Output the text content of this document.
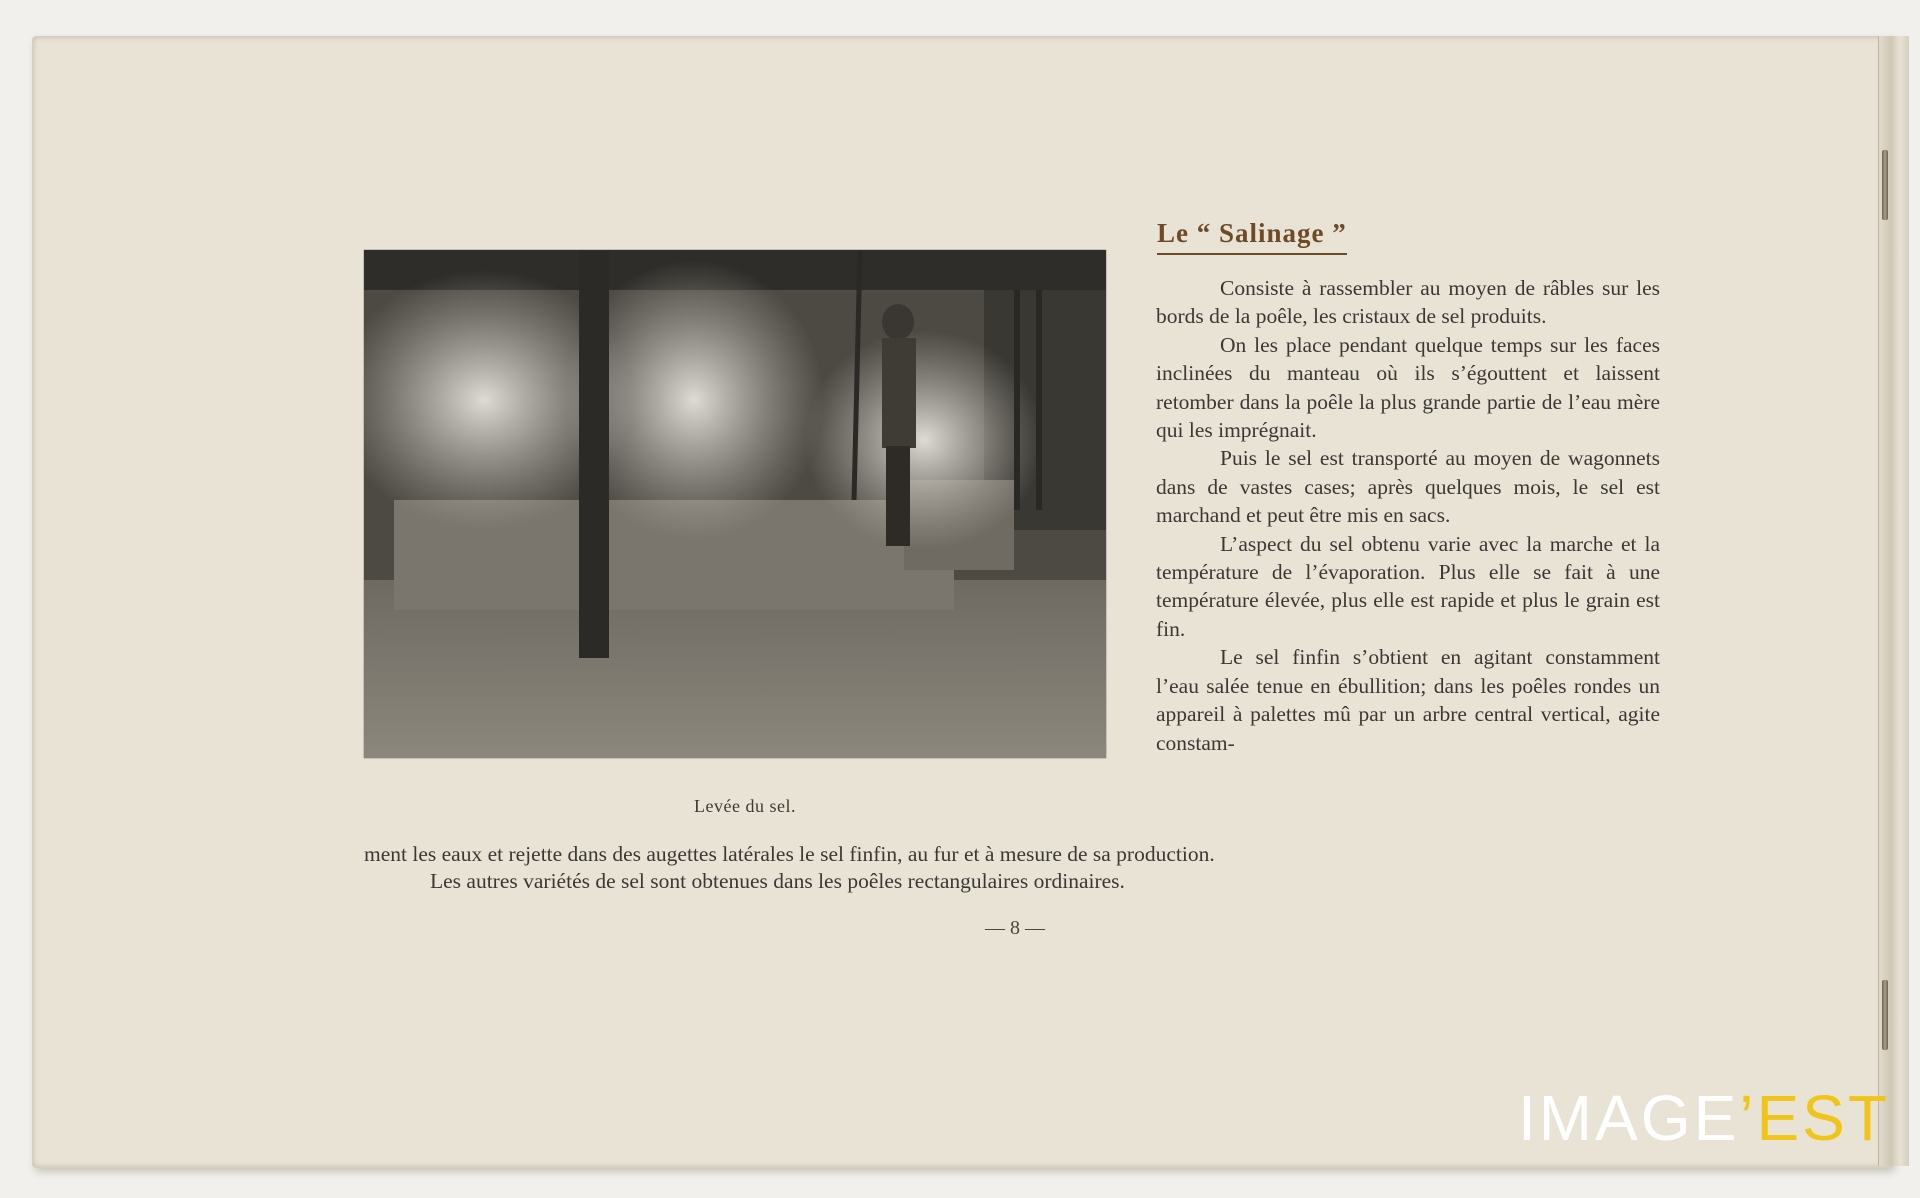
Levée du sel.
Le “ Salinage ”

Consiste à rassembler au moyen de râbles sur les bords de la poêle, les cristaux de sel produits.

On les place pendant quelque temps sur les faces inclinées du manteau où ils s’égouttent et laissent retomber dans la poêle la plus grande partie de l’eau mère qui les imprégnait.

Puis le sel est transporté au moyen de wagonnets dans de vastes cases; après quelques mois, le sel est marchand et peut être mis en sacs.

L’aspect du sel obtenu varie avec la marche et la température de l’évaporation. Plus elle se fait à une température élevée, plus elle est rapide et plus le grain est fin.

Le sel finfin s’obtient en agitant constamment l’eau salée tenue en ébullition; dans les poêles rondes un appareil à palettes mû par un arbre central vertical, agite constam-

ment les eaux et rejette dans des augettes latérales le sel finfin, au fur et à mesure de sa production.
Les autres variétés de sel sont obtenues dans les poêles rectangulaires ordinaires.
— 8 —
IMAGE’EST
